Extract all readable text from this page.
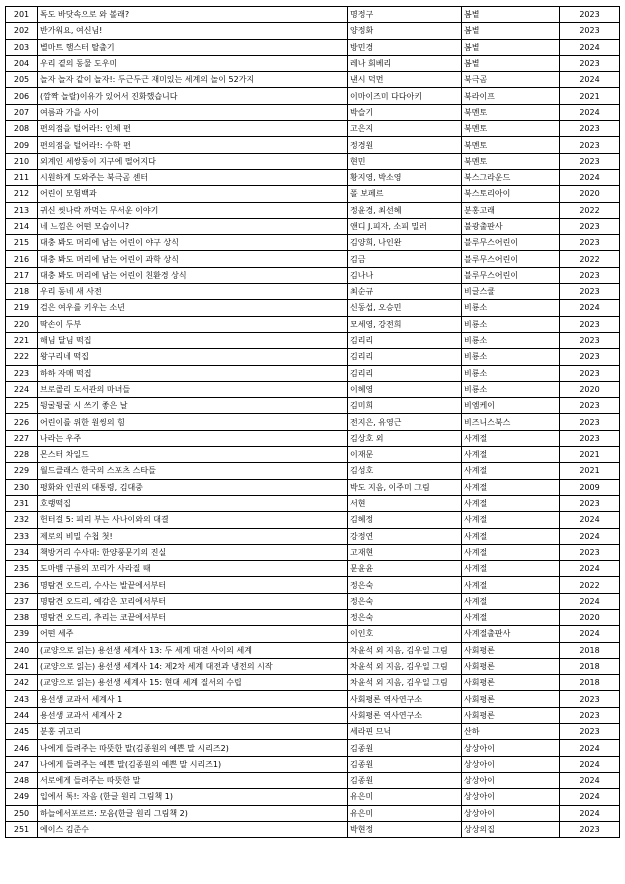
201	독도 바닷속으로 와 볼래?	명정구	봄볕	2023
202	반가워요, 여신님!	양정화	봄볕	2023
203	별마트 햄스터 탈출기	방민경	봄볕	2024
204	우리 곁의 동물 도우미	레나 회베리	봄볕	2023
205	놀자 놀자 같이 놀자!: 두근두근 재미있는 세계의 놀이 52가지	낸시 덕먼	북극곰	2024
206	(깜짝 놀랄)이유가 있어서 진화했습니다	이마이즈미 다다아키	북라이프	2021
207	여름과 가을 사이	박슬기	북멘토	2024
208	편의점을 털어라!: 인체 편	고은지	북멘토	2023
209	편의점을 털어라!: 수학 편	정경원	북멘토	2023
210	외계인 세쌍둥이 지구에 떨어지다	현민	북멘토	2023
211	시원하게 도와주는 북극곰 센터	황지영, 박소영	북스그라운드	2024
212	어린이 모험백과	폴 보페르	북스토리아이	2020
213	귀신 씻나락 까먹는 무서운 이야기	정윤경, 최선혜	분홍고래	2022
214	네 느낌은 어떤 모습이니?	앤디 J.피자, 소피 밀러	불광출판사	2023
215	대충 봐도 머리에 남는 어린이 야구 상식	김양희, 나인완	블루무스어린이	2023
216	대충 봐도 머리에 남는 어린이 과학 상식	김금	블루무스어린이	2022
217	대충 봐도 머리에 남는 어린이 친환경 상식	김나나	블루무스어린이	2023
218	우리 동네 새 사전	최순규	비글스쿨	2023
219	검은 여우를 키우는 소년	신동섭, 오승민	비룡소	2024
220	딱손이 두부	모세영, 강전희	비룡소	2023
221	해님 달님 떡집	김리리	비룡소	2023
222	왕구리네 떡집	김리리	비룡소	2023
223	하하 자매 떡집	김리리	비룡소	2023
224	브로콜리 도서관의 마녀들	이혜영	비룡소	2020
225	뒹굴뒹굴 시 쓰기 좋은 날	김미희	비엠케이	2023
226	어린이를 위한 원씽의 힘	전지은, 유영근	비즈니스북스	2023
227	나라는 우주	김상호 외	사계절	2023
228	몬스터 차일드	이재문	사계절	2021
229	월드클래스 한국의 스포츠 스타들	김성호	사계절	2021
230	평화와 인권의 대통령, 김대중	박도 지음, 이주미 그림	사계절	2009
231	호랭떡집	서현	사계절	2023
232	헌터걸 5: 피리 부는 사나이와의 대결	김혜정	사계절	2024
233	제로의 비밀 수첩 첫!	강정연	사계절	2024
234	책방거리 수사대: 한양풍문기의 진실	고재현	사계절	2023
235	도마뱀 구름의 꼬리가 사라질 때	문윤윤	사계절	2024
236	명탐견 오드리, 수사는 발끝에서부터	정은숙	사계절	2022
237	명탐견 오드리, 예감은 꼬리에서부터	정은숙	사계절	2024
238	명탐견 오드리, 추리는 코끝에서부터	정은숙	사계절	2020
239	어떤 세주	이인호	사계절출판사	2024
240	(교양으로 읽는) 용선생 세계사 13: 두 세계 대전 사이의 세계	차윤석 외 지음, 김우일 그림	사회평론	2018
241	(교양으로 읽는) 용선생 세계사 14: 제2차 세계 대전과 냉전의 시작	차윤석 외 지음, 김우일 그림	사회평론	2018
242	(교양으로 읽는) 용선생 세계사 15: 현대 세계 질서의 수립	차윤석 외 지음, 김우일 그림	사회평론	2018
243	용선생 교과서 세계사 1	사회평론 역사연구소	사회평론	2023
244	용선생 교과서 세계사 2	사회평론 역사연구소	사회평론	2023
245	분홍 귀고리	세라핀 므닉	산하	2023
246	나에게 들려주는 따뜻한 말(김종원의 예쁜 말 시리즈2)	김종원	상상아이	2024
247	나에게 들려주는 예쁜 말(김종원의 예쁜 말 시리즈1)	김종원	상상아이	2024
248	서로에게 들려주는 따뜻한 말	김종원	상상아이	2024
249	입에서 톡!: 자음 (한글 원리 그림책 1)	유은미	상상아이	2024
250	하늘에서포르르: 모음(한글 원리 그림책 2)	유은미	상상아이	2024
251	에이스 김준수	박현정	상상의집	2023
